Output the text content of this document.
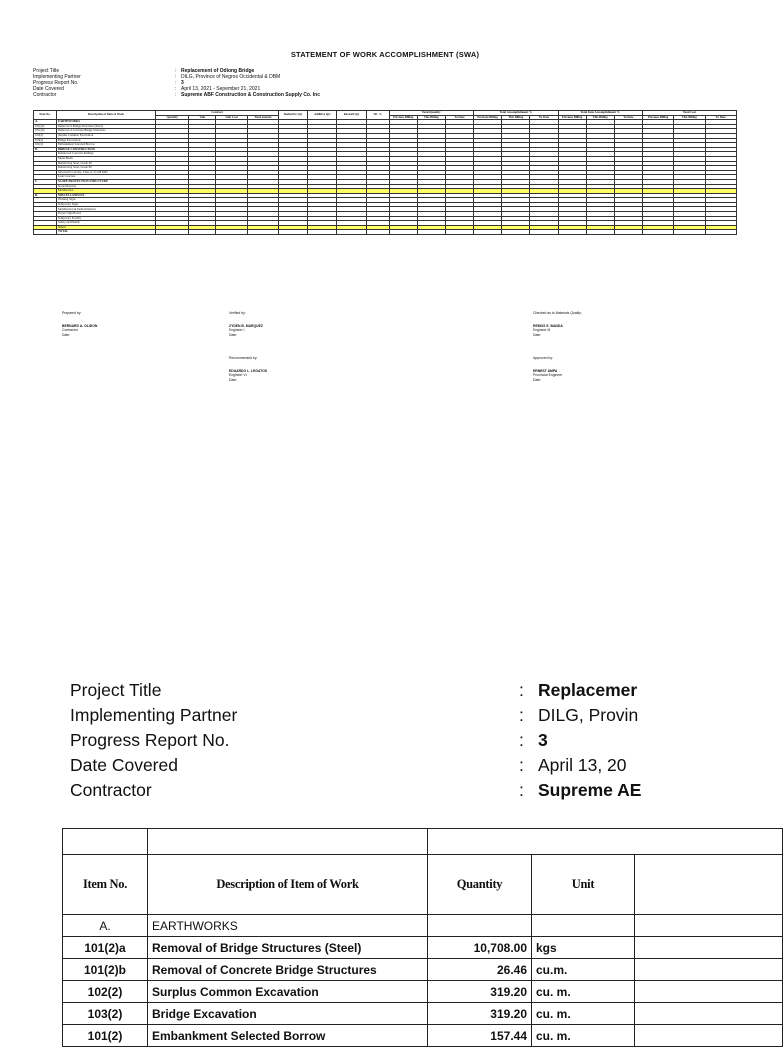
STATEMENT OF WORK ACCOMPLISHMENT (SWA)
Project Title	: Replacement of Odiong Bridge
Implementing Partner	: DILG, Province of Negros Occidental & DBM
Progress Report No.	: 3
Date Covered	: April 13, 2021 - Sepember 21, 2021
Contractor	: Supreme ABF Construction & Construction Supply Co. Inc
Item No.	Description of Item of Work	Contract				Deductive Qty	Additive Qty	Revised Qty	Wt. %	Total Quantity			Total Accomplishment %			Total Item Accomplishment %			Total Cost		
		Quantity	Unit	Unit Cost	Total amount					Previous Billing	This Billing	To Date	Previous Billing	This Billing	To Date	Previous Billing	This Billing	To Date	Previous Billing	This Billing	To Date
A.	EARTHWORKS																				
101(2)a	Removal of Bridge Structures (Steel)																				
101(2)b	Removal of Concrete Bridge Structures																				
102(2)	Surplus Common Excavation																				
103(2)	Bridge Excavation																				
101(2)	Embankment Selected Borrow																				
B.	BRIDGE CONSTRUCTION																				
	Reinforced Concrete Railings																				
	Metal Beam																				
	Reinforcing Steel, Grade 40																				
	Reinforcing Steel, Grade 60																				
	Structural Concrete, Class A, f'c=28 MPa																				
	Lean Concrete																				
C.	SLOPE PROTECTION STRUCTURE																				
	Stone Masonry																				
	Mobilization																				
D.	MISCELLANEOUS																				
	Warning Signs																				
	Temporary Signs																				
	Mobilization & Demobilization																				
	Project Sign Board																				
	Temporary Facility																				
	Safety and Health																				
	Others																				
	TOTAL																				
Prepared by:
BERNARD A. OLIDON
Contractor
Date:
Verified by:
ZYDEN B. MARQUEZ
Engineer I
Date:
Checked as to Materials Quality:
REMOS E. BANDA
Engineer III
Date:
Recommended by:
EDUARDO L. LEGATOS
Engineer VI
Date:
Approved by:
ERNEST AMPA
Provincial Engineer
Date:
Project Title	: Replacemer
Implementing Partner	: DILG, Provin
Progress Report No.	: 3
Date Covered	: April 13, 20
Contractor	: Supreme AE

Item No.	Description of Item of Work	Quantity	Unit	
A.	EARTHWORKS			
101(2)a	Removal of Bridge Structures (Steel)	10,708.00	kgs	
101(2)b	Removal of Concrete Bridge Structures	26.46	cu.m.	
102(2)	Surplus Common Excavation	319.20	cu. m.	
103(2)	Bridge Excavation	319.20	cu. m.	
101(2)	Embankment Selected Borrow	157.44	cu. m.	
